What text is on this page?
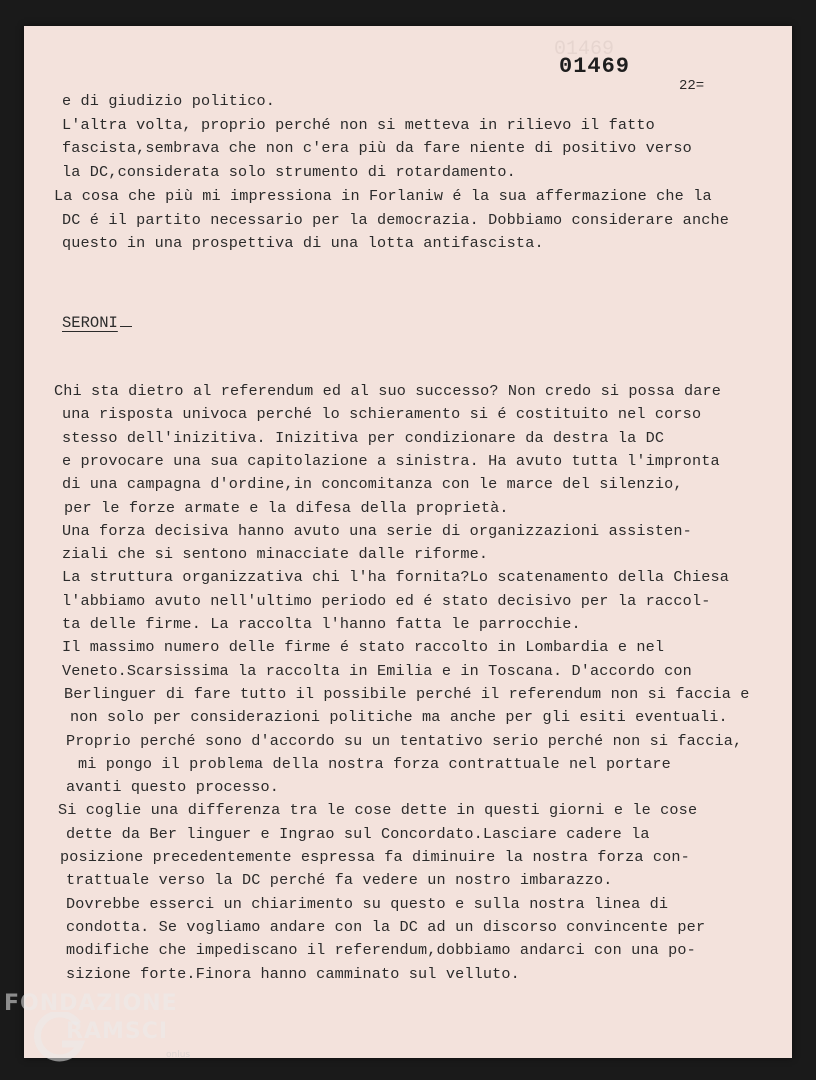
01469
01469
22=
e di giudizio politico.
L'altra volta, proprio perché non si metteva in rilievo il fatto
fascista,sembrava che non c'era più da fare niente di positivo verso
la DC,considerata solo strumento di rotardamento.
La cosa che più mi impressiona in Forlaniw é la sua affermazione che la
DC é il partito necessario per la democrazia. Dobbiamo considerare anche
questo in una prospettiva di una lotta antifascista.
SERONI
Chi sta dietro al referendum ed al suo successo? Non credo si possa dare
una risposta univoca perché lo schieramento si é costituito nel corso
stesso dell'inizitiva. Inizitiva per condizionare da destra la DC
e provocare una sua capitolazione a sinistra. Ha avuto tutta l'impronta
di una campagna d'ordine,in concomitanza con le marce del silenzio,
per le forze armate e la difesa della proprietà.
Una forza decisiva hanno avuto una serie di organizzazioni assisten-
ziali che si sentono minacciate dalle riforme.
La struttura organizzativa chi l'ha fornita?Lo scatenamento della Chiesa
l'abbiamo avuto nell'ultimo periodo ed é stato decisivo per la raccol-
ta delle firme. La raccolta l'hanno fatta le parrocchie.
Il massimo numero delle firme é stato raccolto in Lombardia e nel
Veneto.Scarsissima la raccolta in Emilia e in Toscana. D'accordo con
Berlinguer di fare tutto il possibile perché il referendum non si faccia e
non solo per considerazioni politiche ma anche per gli esiti eventuali.
Proprio perché sono d'accordo su un tentativo serio perché non si faccia,
mi pongo il problema della nostra forza contrattuale nel portare
avanti questo processo.
Si coglie una differenza tra le cose dette in questi giorni e le cose
dette da Ber linguer e Ingrao sul Concordato.Lasciare cadere la
posizione precedentemente espressa fa diminuire la nostra forza con-
trattuale verso la DC perché fa vedere un nostro imbarazzo.
Dovrebbe esserci un chiarimento su questo e sulla nostra linea di
condotta. Se vogliamo andare con la DC ad un discorso convincente per
modifiche che impediscano il referendum,dobbiamo andarci con una po-
sizione forte.Finora hanno camminato sul velluto.
FONDAZIONE
RAMSCI
onlus
